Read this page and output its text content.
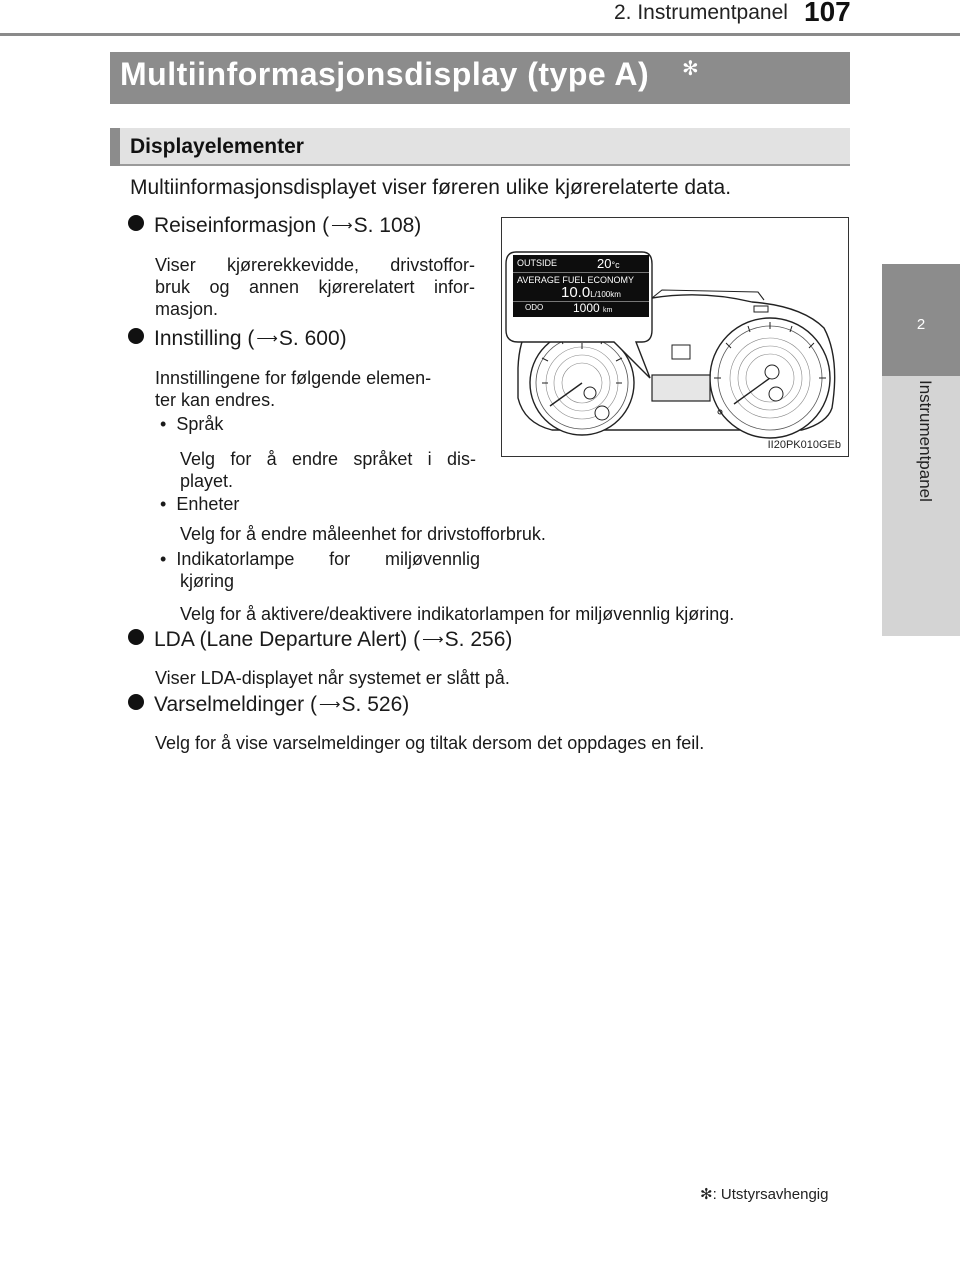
2. Instrumentpanel 107
2
Instrumentpanel
Multiinformasjonsdisplay (type A) ✻
Displayelementer
Multiinformasjonsdisplayet viser føreren ulike kjørerelaterte data.
Reiseinformasjon ( ⟶S. 108)
Viser kjørerekkevidde, drivstoffor-
bruk og annen kjørerelatert infor-
masjon.
Innstilling ( ⟶S. 600)
Innstillingene for følgende elemen-
ter kan endres.
•  Språk
Velg for å endre språket i dis-
playet.
•  Enheter
Velg for å endre måleenhet for drivstofforbruk.
• Indikatorlampe for miljøvennlig
kjøring
Velg for å aktivere/deaktivere indikatorlampen for miljøvennlig kjøring.
LDA (Lane Departure Alert) ( ⟶S. 256)
Viser LDA-displayet når systemet er slått på.
Varselmeldinger ( ⟶S. 526)
Velg for å vise varselmeldinger og tiltak dersom det oppdages en feil.
OUTSIDE	20°c
AVERAGE FUEL ECONOMY
10.0L/100km
ODO 1000 km
II20PK010GEb
✻: Utstyrsavhengig
